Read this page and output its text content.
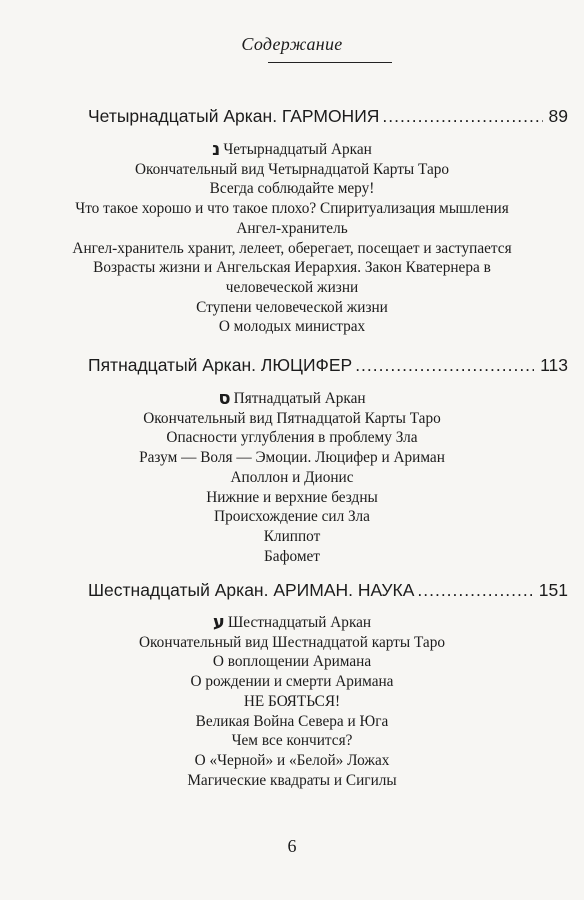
Содержание
Четырнадцатый Аркан. ГАРМОНИЯ .....	89
נ Четырнадцатый Аркан
Окончательный вид Четырнадцатой Карты Таро
Всегда соблюдайте меру!
Что такое хорошо и что такое плохо? Спиритуализация мышления
Ангел-хранитель
Ангел-хранитель хранит, лелеет, оберегает, посещает и заступается
Возрасты жизни и Ангельская Иерархия. Закон Кватернера в
человеческой жизни
Ступени человеческой жизни
О молодых министрах
Пятнадцатый Аркан. ЛЮЦИФЕР .....	113
ס Пятнадцатый Аркан
Окончательный вид Пятнадцатой Карты Таро
Опасности углубления в проблему Зла
Разум — Воля — Эмоции. Люцифер и Ариман
Аполлон и Дионис
Нижние и верхние бездны
Происхождение сил Зла
Клиппот
Бафомет
Шестнадцатый Аркан. АРИМАН. НАУКА .....	151
ע Шестнадцатый Аркан
Окончательный вид Шестнадцатой карты Таро
О воплощении Аримана
О рождении и смерти Аримана
НЕ БОЯТЬСЯ!
Великая Война Севера и Юга
Чем все кончится?
О «Черной» и «Белой» Ложах
Магические квадраты и Сигилы
6
